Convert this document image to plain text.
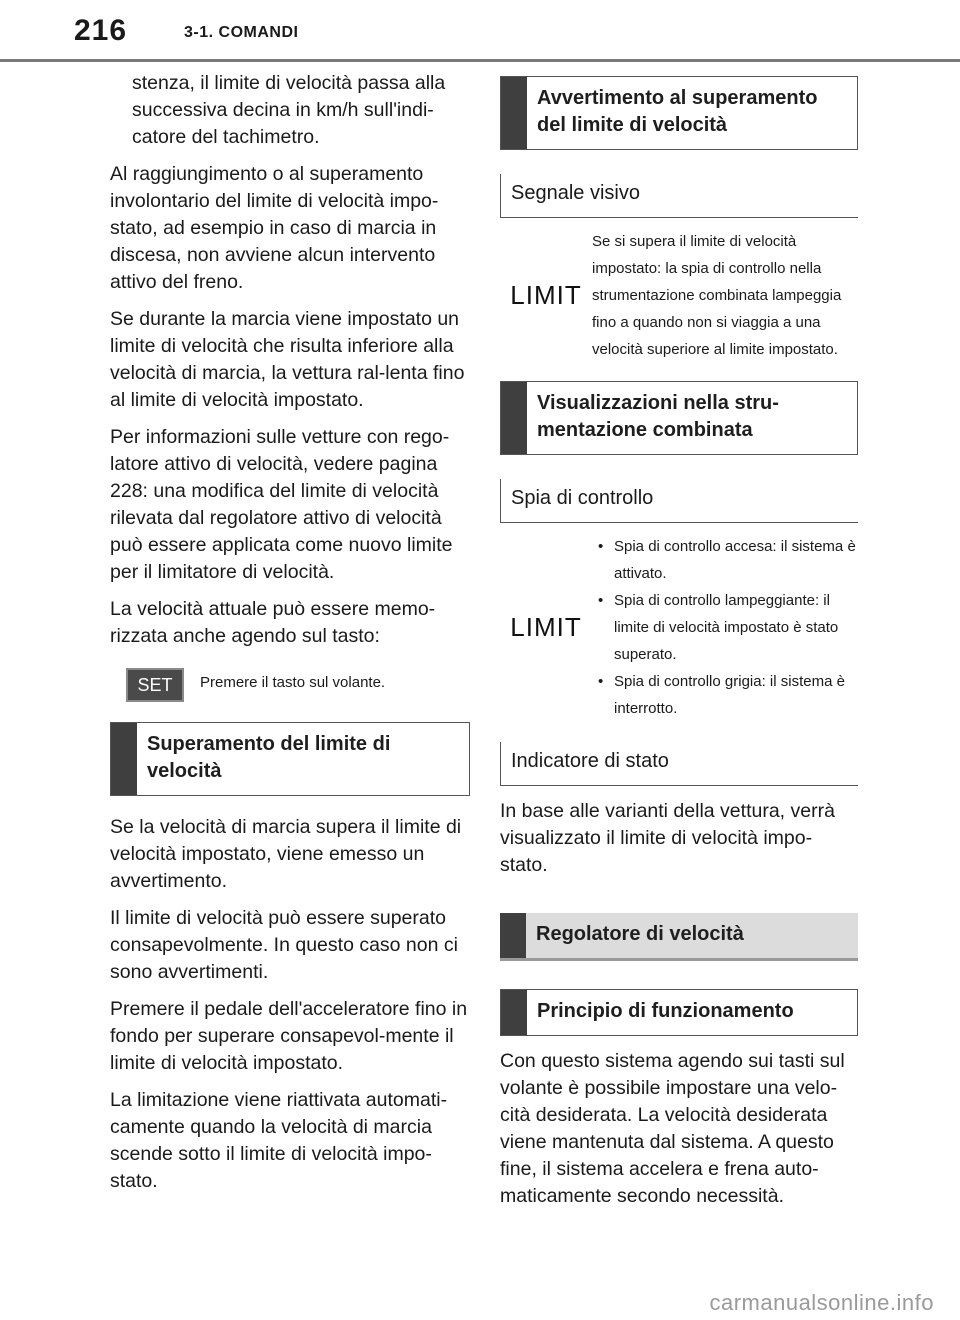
216	3-1. COMANDI

stenza, il limite di velocità passa alla successiva decina in km/h sull'indi-catore del tachimetro.

Al raggiungimento o al superamento involontario del limite di velocità impo-stato, ad esempio in caso di marcia in discesa, non avviene alcun intervento attivo del freno.

Se durante la marcia viene impostato un limite di velocità che risulta inferiore alla velocità di marcia, la vettura ral-lenta fino al limite di velocità impostato.

Per informazioni sulle vetture con rego-latore attivo di velocità, vedere pagina 228: una modifica del limite di velocità rilevata dal regolatore attivo di velocità può essere applicata come nuovo limite per il limitatore di velocità.

La velocità attuale può essere memo-rizzata anche agendo sul tasto:

SET	Premere il tasto sul volante.
Superamento del limite di velocità

Se la velocità di marcia supera il limite di velocità impostato, viene emesso un avvertimento.

Il limite di velocità può essere superato consapevolmente. In questo caso non ci sono avvertimenti.

Premere il pedale dell'acceleratore fino in fondo per superare consapevol-mente il limite di velocità impostato.

La limitazione viene riattivata automati-camente quando la velocità di marcia scende sotto il limite di velocità impo-stato.

Avvertimento al superamento del limite di velocità
Segnale visivo
LIMIT
Se si supera il limite di velocità impostato: la spia di controllo nella strumentazione combinata lampeggia fino a quando non si viaggia a una velocità superiore al limite impostato.
Visualizzazioni nella stru-mentazione combinata
Spia di controllo
LIMIT
• Spia di controllo accesa: il sistema è attivato.
• Spia di controllo lampeggiante: il limite di velocità impostato è stato superato.
• Spia di controllo grigia: il sistema è interrotto.
Indicatore di stato

In base alle varianti della vettura, verrà visualizzato il limite di velocità impo-stato.

Regolatore di velocità
Principio di funzionamento

Con questo sistema agendo sui tasti sul volante è possibile impostare una velo-cità desiderata. La velocità desiderata viene mantenuta dal sistema. A questo fine, il sistema accelera e frena auto-maticamente secondo necessità.

carmanualsonline.info
